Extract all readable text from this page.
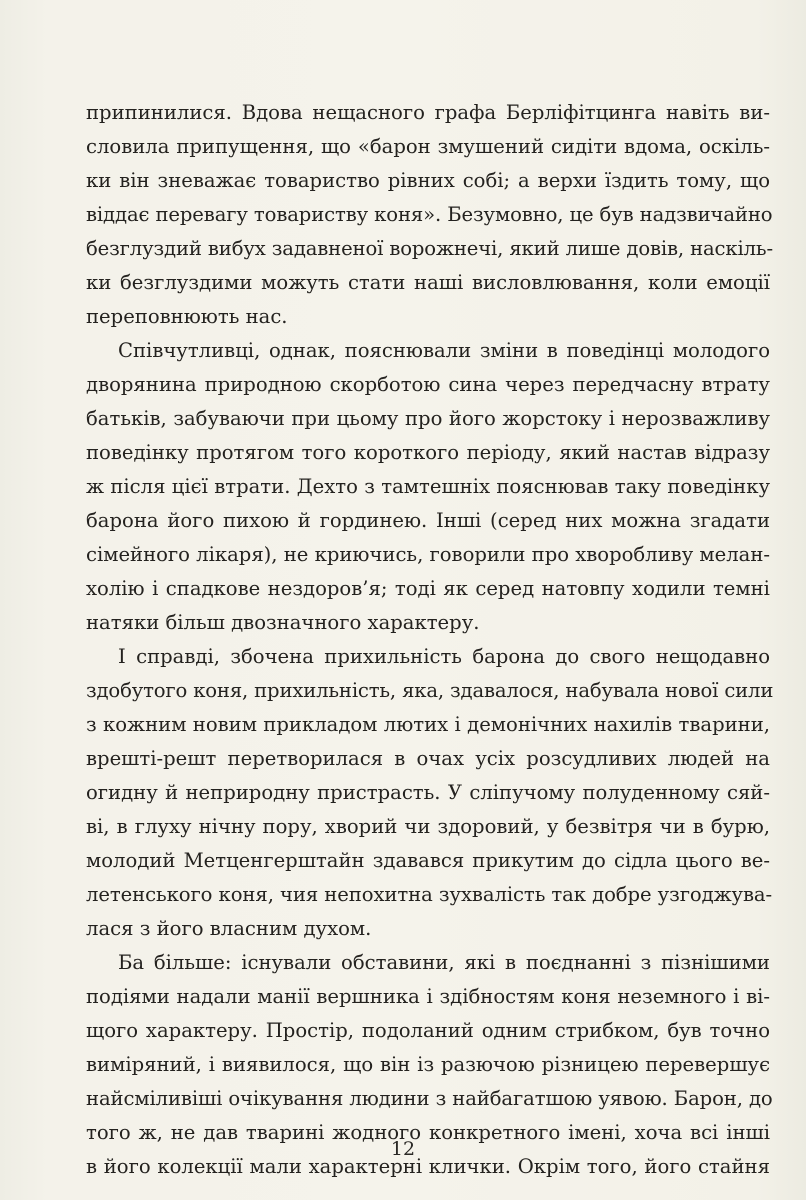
припинилися. Вдова нещасного графа Берліфітцинга навіть ви-
словила припущення, що «барон змушений сидіти вдома, оскіль-
ки він зневажає товариство рівних собі; а верхи їздить тому, що
віддає перевагу товариству коня». Безумовно, це був надзвичайно
безглуздий вибух задавненої ворожнечі, який лише довів, наскіль-
ки безглуздими можуть стати наші висловлювання, коли емоції
переповнюють нас.
Співчутливці, однак, пояснювали зміни в поведінці молодого
дворянина природною скорботою сина через передчасну втрату
батьків, забуваючи при цьому про його жорстоку і нерозважливу
поведінку протягом того короткого періоду, який настав відразу
ж після цієї втрати. Дехто з тамтешніх пояснював таку поведінку
барона його пихою й гординею. Інші (серед них можна згадати
сімейного лікаря), не криючись, говорили про хворобливу мелан-
холію і спадкове нездоров’я; тоді як серед натовпу ходили темні
натяки більш двозначного характеру.
І справді, збочена прихильність барона до свого нещодавно
здобутого коня, прихильність, яка, здавалося, набувала нової сили
з кожним новим прикладом лютих і демонічних нахилів тварини,
врешті-решт перетворилася в очах усіх розсудливих людей на
огидну й неприродну пристрасть. У сліпучому полуденному сяй-
ві, в глуху нічну пору, хворий чи здоровий, у безвітря чи в бурю,
молодий Метценгерштайн здавався прикутим до сідла цього ве-
летенського коня, чия непохитна зухвалість так добре узгоджува-
лася з його власним духом.
Ба більше: існували обставини, які в поєднанні з пізнішими
подіями надали манії вершника і здібностям коня неземного і ві-
щого характеру. Простір, подоланий одним стрибком, був точно
виміряний, і виявилося, що він із разючою різницею перевершує
найсміливіші очікування людини з найбагатшою уявою. Барон, до
того ж, не дав тварині жодного конкретного імені, хоча всі інші
в його колекції мали характерні клички. Окрім того, його стайня
12
